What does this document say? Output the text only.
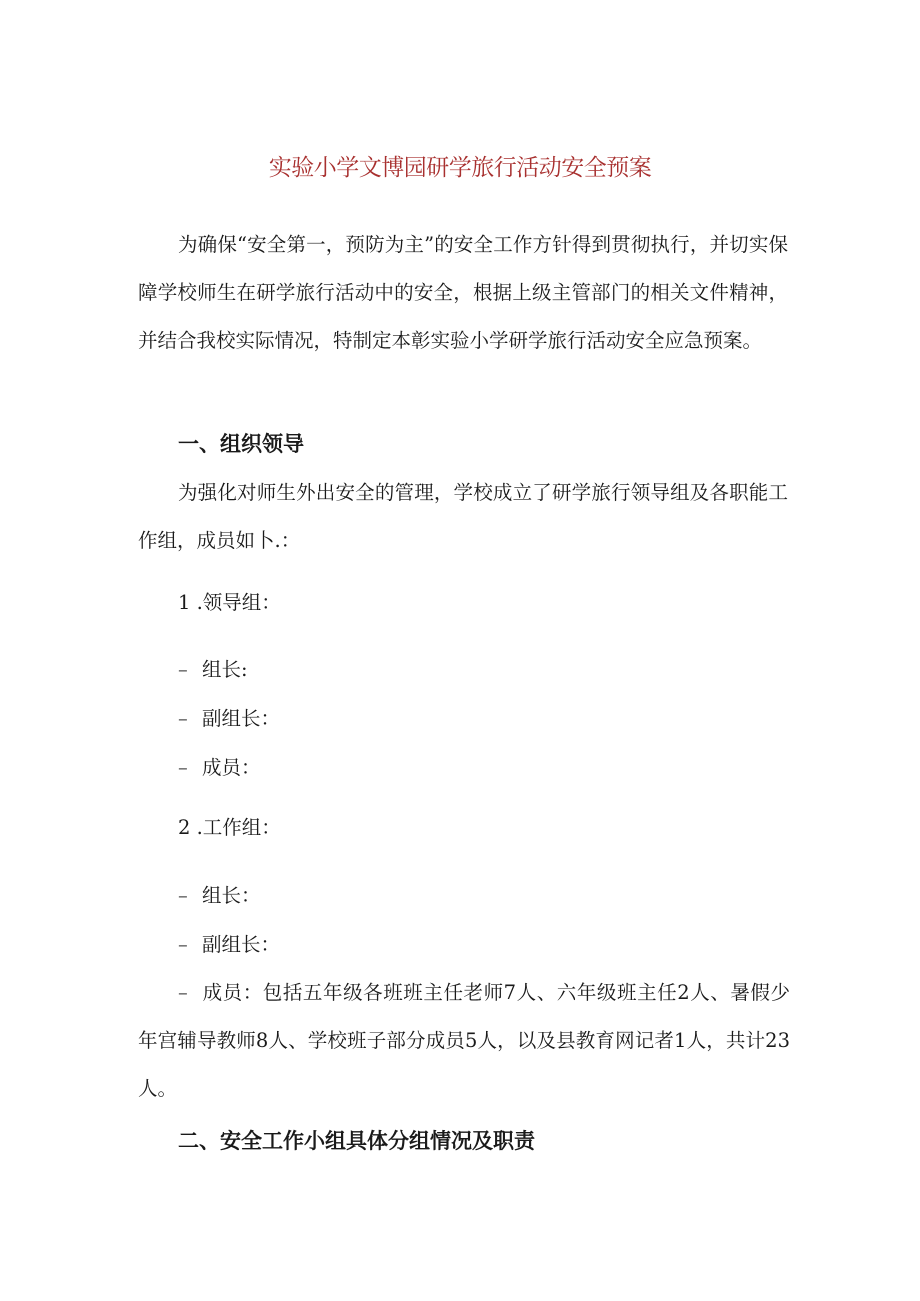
实验小学文博园研学旅行活动安全预案

为确保“安全第一，预防为主”的安全工作方针得到贯彻执行，并切实保障学校师生在研学旅行活动中的安全，根据上级主管部门的相关文件精神，并结合我校实际情况，特制定本彰实验小学研学旅行活动安全应急预案。

一、组织领导

为强化对师生外出安全的管理，学校成立了研学旅行领导组及各职能工作组，成员如卜.：

1 .领导组：

– 组长:

– 副组长：

– 成员：

2 .工作组：

– 组长：

– 副组长：

– 成员：包括五年级各班班主任老师7人、六年级班主任2人、暑假少年宫辅导教师8人、学校班子部分成员5人，以及县教育网记者1人，共计23人。

二、安全工作小组具体分组情况及职责
